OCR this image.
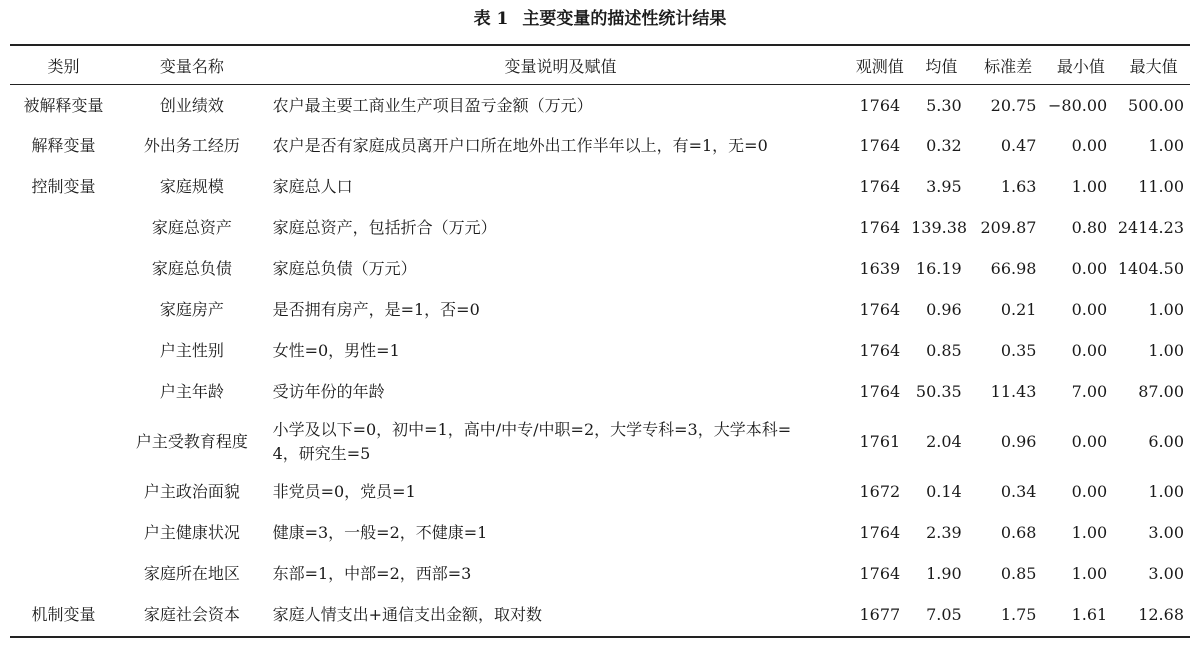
表 1 主要变量的描述性统计结果
类别	变量名称	变量说明及赋值	观测值	均值	标准差	最小值	最大值
被解释变量	创业绩效	农户最主要工商业生产项目盈亏金额（万元）	1764	5.30	20.75	−80.00	500.00
解释变量	外出务工经历	农户是否有家庭成员离开户口所在地外出工作半年以上，有=1，无=0	1764	0.32	0.47	0.00	1.00
控制变量	家庭规模	家庭总人口	1764	3.95	1.63	1.00	11.00
	家庭总资产	家庭总资产，包括折合（万元）	1764	139.38	209.87	0.80	2414.23
	家庭总负债	家庭总负债（万元）	1639	16.19	66.98	0.00	1404.50
	家庭房产	是否拥有房产，是=1，否=0	1764	0.96	0.21	0.00	1.00
	户主性别	女性=0，男性=1	1764	0.85	0.35	0.00	1.00
	户主年龄	受访年份的年龄	1764	50.35	11.43	7.00	87.00
	户主受教育程度	小学及以下=0，初中=1，高中/中专/中职=2，大学专科=3，大学本科=
4，研究生=5	1761	2.04	0.96	0.00	6.00
	户主政治面貌	非党员=0，党员=1	1672	0.14	0.34	0.00	1.00
	户主健康状况	健康=3，一般=2，不健康=1	1764	2.39	0.68	1.00	3.00
	家庭所在地区	东部=1，中部=2，西部=3	1764	1.90	0.85	1.00	3.00
机制变量	家庭社会资本	家庭人情支出+通信支出金额，取对数	1677	7.05	1.75	1.61	12.68
